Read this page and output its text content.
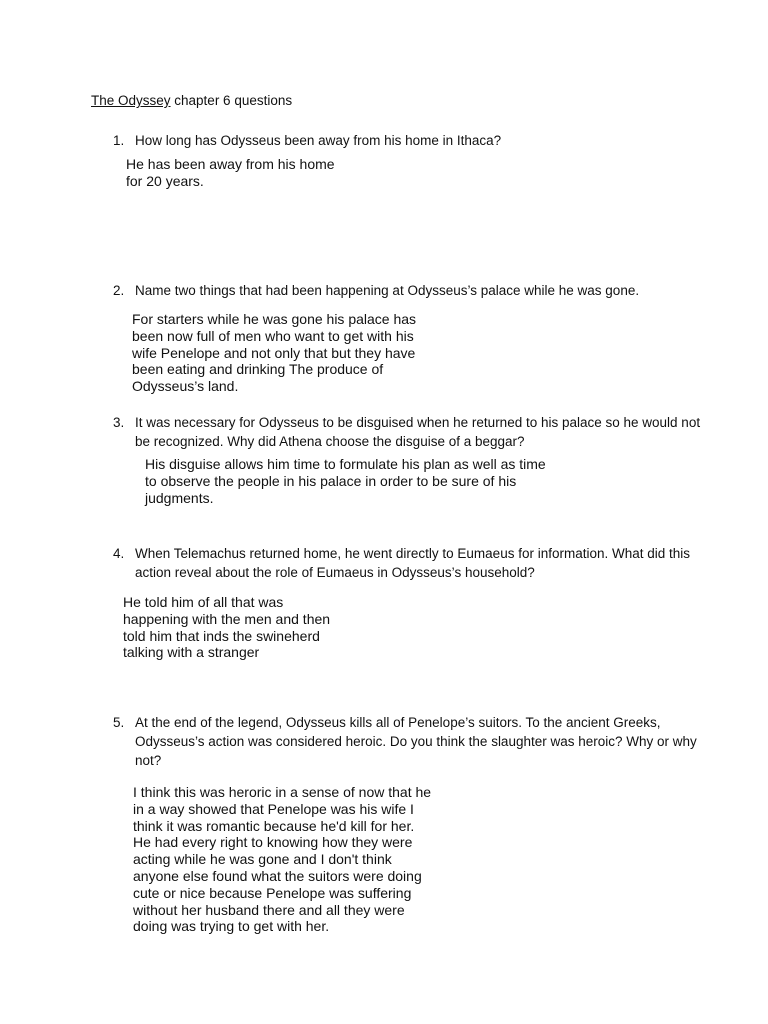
The Odyssey chapter 6 questions
1. How long has Odysseus been away from his home in Ithaca?
He has been away from his home
for 20 years.
2. Name two things that had been happening at Odysseus’s palace while he was gone.
For starters while he was gone his palace has
been now full of men who want to get with his
wife Penelope and not only that but they have
been eating and drinking The produce of
Odysseus’s land.
3. It was necessary for Odysseus to be disguised when he returned to his palace so he would not be recognized. Why did Athena choose the disguise of a beggar?
His disguise allows him time to formulate his plan as well as time
to observe the people in his palace in order to be sure of his
judgments.
4. When Telemachus returned home, he went directly to Eumaeus for information. What did this action reveal about the role of Eumaeus in Odysseus’s household?
He told him of all that was
happening with the men and then
told him that inds the swineherd
talking with a stranger
5. At the end of the legend, Odysseus kills all of Penelope’s suitors. To the ancient Greeks, Odysseus’s action was considered heroic. Do you think the slaughter was heroic? Why or why not?
I think this was heroric in a sense of now that he
in a way showed that Penelope was his wife I
think it was romantic because he'd kill for her.
He had every right to knowing how they were
acting while he was gone and I don't think
anyone else found what the suitors were doing
cute or nice because Penelope was suffering
without her husband there and all they were
doing was trying to get with her.
